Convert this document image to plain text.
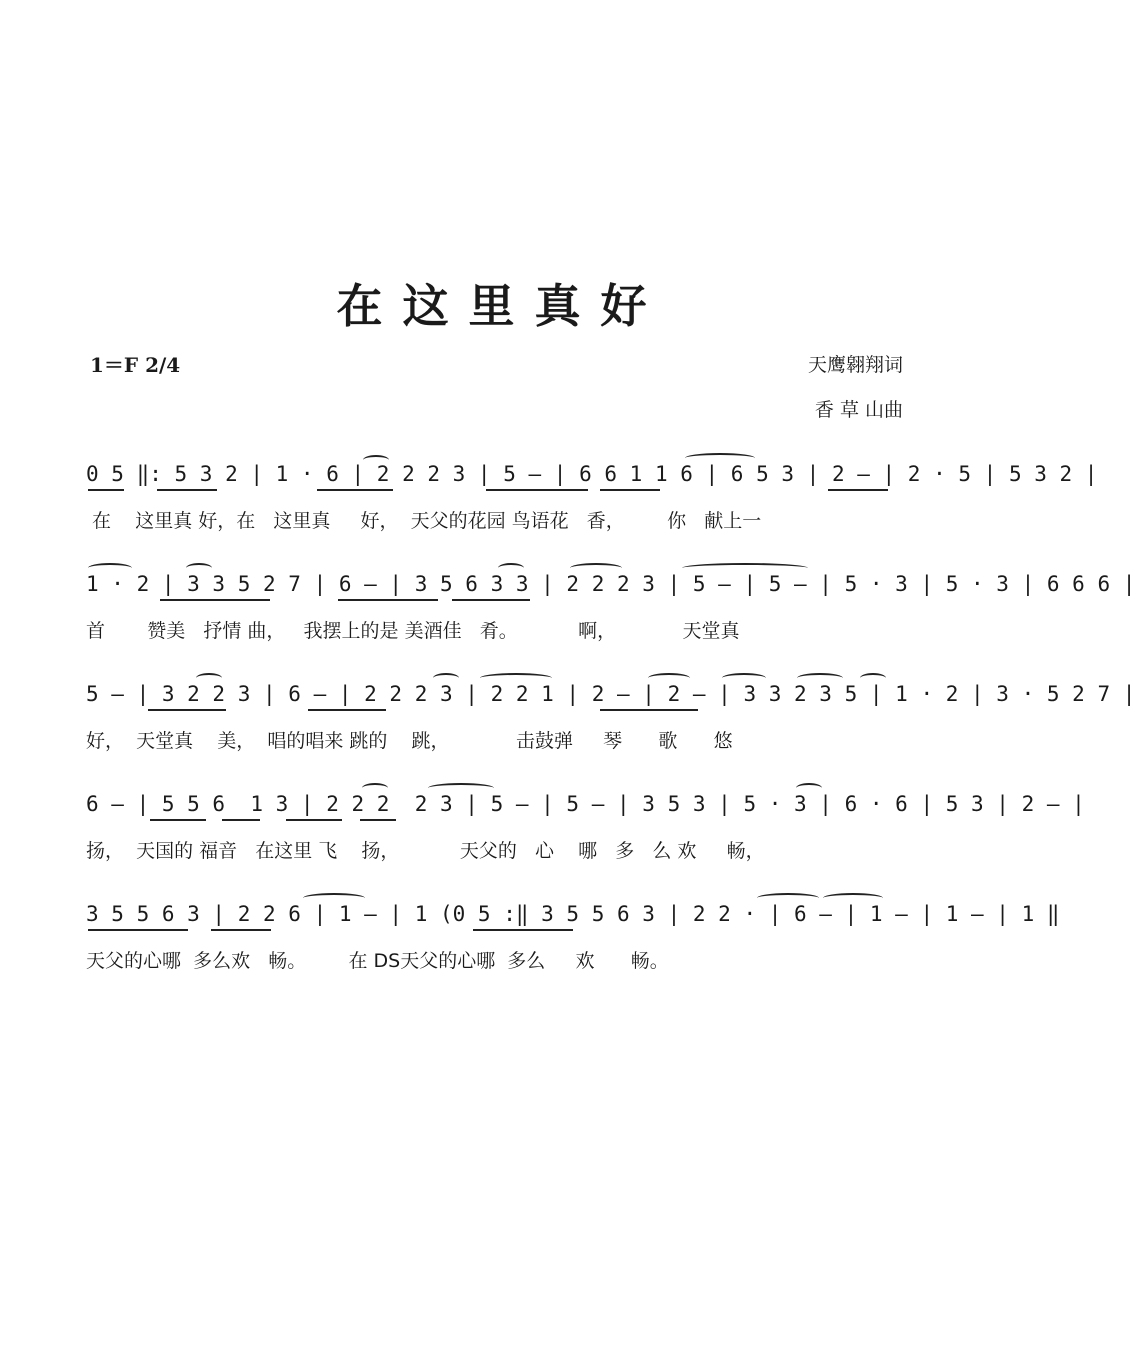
在这里真好
1＝F 2/4	天鹰翱翔词
香 草 山曲
0 5 ‖: 5 3 2 | 1 · 6 | 2 2 2 3 | 5 – | 6 6 1 1 6 | 6 5 3 | 2 – | 2 · 5 | 5 3 2 |
在    这里真 好，在   这里真     好，  天父的花园 鸟语花   香，       你   献上一
1 · 2 | 3 3 5 2 7 | 6 – | 3 5 6 3 3 | 2 2 2 3 | 5 – | 5 – | 5 · 3 | 5 · 3 | 6 6 6 |
首       赞美   抒情 曲，   我摆上的是 美酒佳   肴。          啊，           天堂真
5 – | 3 2 2 3 | 6 – | 2 2 2 3 | 2 2 1 | 2 – | 2 – | 3 3 2 3 5 | 1 · 2 | 3 · 5 2 7 |
好，  天堂真    美，  唱的唱来 跳的    跳，           击鼓弹     琴      歌      悠
6 – | 5 5 6  1 3 | 2 2 2  2 3 | 5 – | 5 – | 3 5 3 | 5 · 3 | 6 · 6 | 5 3 | 2 – |
扬，  天国的 福音   在这里 飞    扬，          天父的   心    哪   多   么 欢     畅，
3 5 5 6 3 | 2 2 6 | 1 – | 1 (0 5 :‖ 3 5 5 6 3 | 2 2 · | 6 – | 1 – | 1 – | 1 ‖
天父的心哪  多么欢   畅。       在 DS天父的心哪  多么     欢      畅。
